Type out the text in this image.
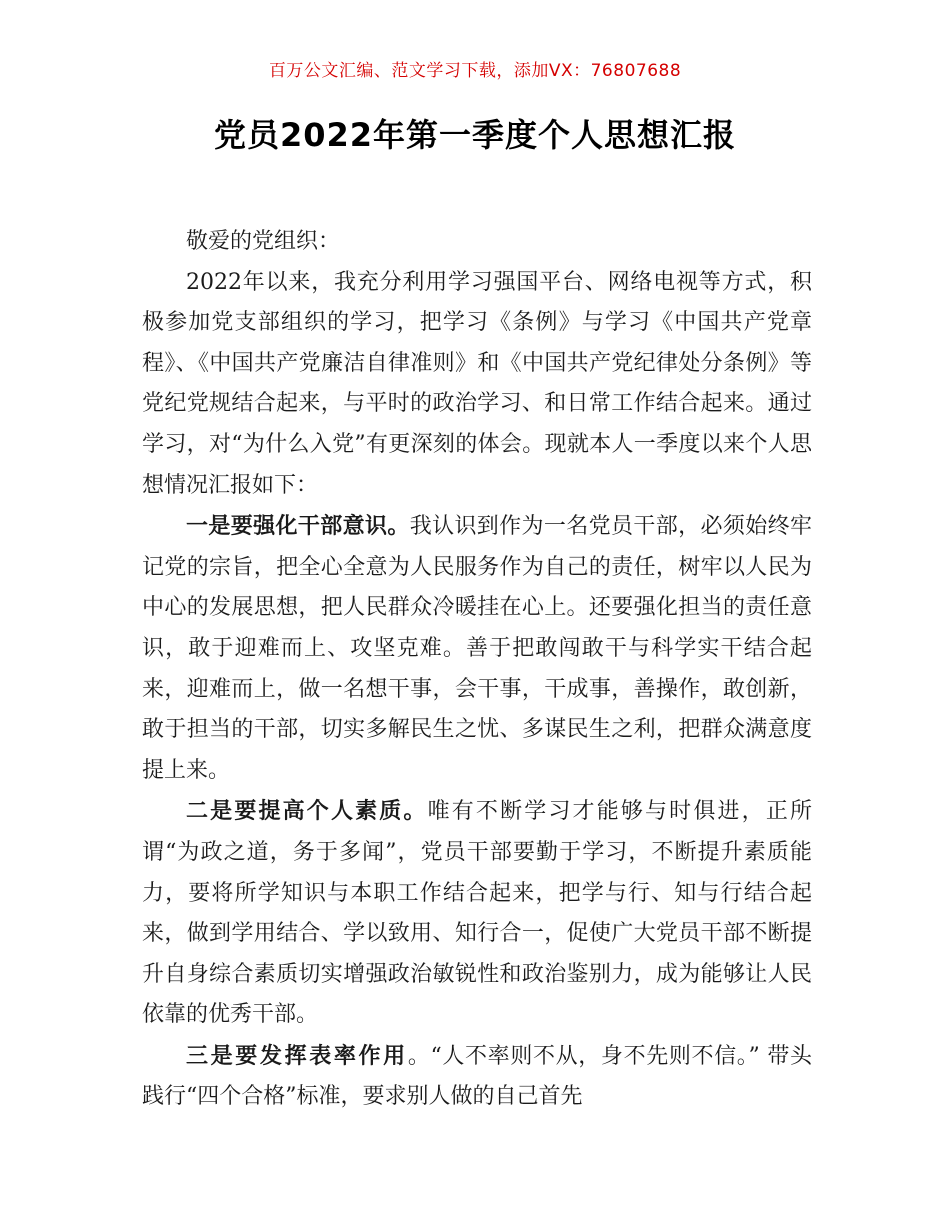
百万公文汇编、范文学习下载，添加VX：76807688
党员2022年第一季度个人思想汇报

敬爱的党组织：

2022年以来，我充分利用学习强国平台、网络电视等方式，积极参加党支部组织的学习，把学习《条例》与学习《中国共产党章程》、《中国共产党廉洁自律准则》和《中国共产党纪律处分条例》等党纪党规结合起来，与平时的政治学习、和日常工作结合起来。通过学习，对“为什么入党”有更深刻的体会。现就本人一季度以来个人思想情况汇报如下：

一是要强化干部意识。我认识到作为一名党员干部，必须始终牢记党的宗旨，把全心全意为人民服务作为自己的责任，树牢以人民为中心的发展思想，把人民群众冷暖挂在心上。还要强化担当的责任意识，敢于迎难而上、攻坚克难。善于把敢闯敢干与科学实干结合起来，迎难而上，做一名想干事，会干事，干成事，善操作，敢创新，敢于担当的干部，切实多解民生之忧、多谋民生之利，把群众满意度提上来。

二是要提高个人素质。唯有不断学习才能够与时俱进，正所谓“为政之道，务于多闻”，党员干部要勤于学习，不断提升素质能力，要将所学知识与本职工作结合起来，把学与行、知与行结合起来，做到学用结合、学以致用、知行合一，促使广大党员干部不断提升自身综合素质切实增强政治敏锐性和政治鉴别力，成为能够让人民依靠的优秀干部。

三是要发挥表率作用。“人不率则不从，身不先则不信。” 带头践行“四个合格”标准，要求别人做的自己首先
